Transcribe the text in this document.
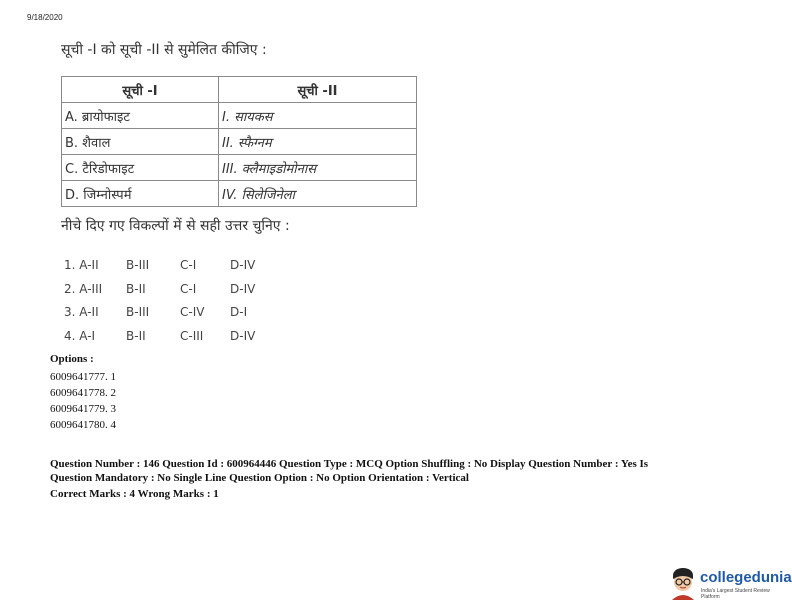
9/18/2020
सूची -I को सूची -II से सुमेलित कीजिए :
सूची -I	सूची -II
A. ब्रायोफाइट	I. सायकस
B. शैवाल	II. स्फैग्नम
C. टैरिडोफाइट	III. क्लैमाइडोमोनास
D. जिम्नोस्पर्म	IV. सिलेजिनेला
नीचे दिए गए विकल्पों में से सही उत्तर चुनिए :
1. A-II B-III	C-I	D-IV
2. A-III B-II	C-I	D-IV
3. A-II B-III	C-IV D-I
4. A-I	B-II	C-III D-IV
Options :
6009641777. 1
6009641778. 2
6009641779. 3
6009641780. 4
Question Number : 146 Question Id : 600964446 Question Type : MCQ Option Shuffling : No Display Question Number : Yes Is
Question Mandatory : No Single Line Question Option : No Option Orientation : Vertical
Correct Marks : 4 Wrong Marks : 1
collegedunia
India's Largest Student Review Platform
